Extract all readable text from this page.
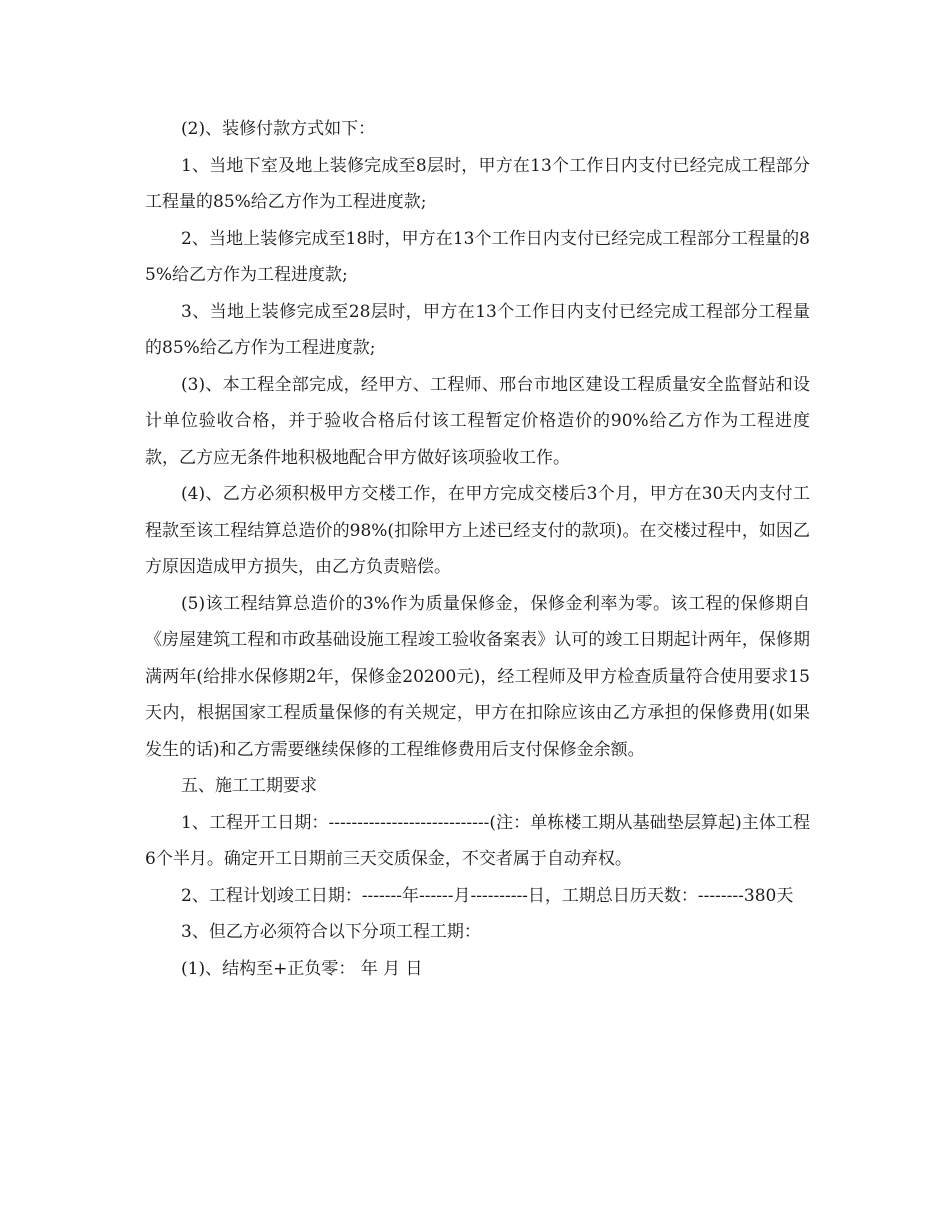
(2)、装修付款方式如下：

1、当地下室及地上装修完成至8层时，甲方在13个工作日内支付已经完成工程部分工程量的85%给乙方作为工程进度款;

2、当地上装修完成至18时，甲方在13个工作日内支付已经完成工程部分工程量的85%给乙方作为工程进度款;

3、当地上装修完成至28层时，甲方在13个工作日内支付已经完成工程部分工程量的85%给乙方作为工程进度款;

(3)、本工程全部完成，经甲方、工程师、邢台市地区建设工程质量安全监督站和设计单位验收合格，并于验收合格后付该工程暂定价格造价的90%给乙方作为工程进度款，乙方应无条件地积极地配合甲方做好该项验收工作。

(4)、乙方必须积极甲方交楼工作，在甲方完成交楼后3个月，甲方在30天内支付工程款至该工程结算总造价的98%(扣除甲方上述已经支付的款项)。在交楼过程中，如因乙方原因造成甲方损失，由乙方负责赔偿。

(5)该工程结算总造价的3%作为质量保修金，保修金利率为零。该工程的保修期自《房屋建筑工程和市政基础设施工程竣工验收备案表》认可的竣工日期起计两年，保修期满两年(给排水保修期2年，保修金20200元)，经工程师及甲方检查质量符合使用要求15天内，根据国家工程质量保修的有关规定，甲方在扣除应该由乙方承担的保修费用(如果发生的话)和乙方需要继续保修的工程维修费用后支付保修金余额。

五、施工工期要求

1、工程开工日期：----------------------------(注：单栋楼工期从基础垫层算起)主体工程6个半月。确定开工日期前三天交质保金，不交者属于自动弃权。

2、工程计划竣工日期：-------年------月----------日，工期总日历天数：--------380天

3、但乙方必须符合以下分项工程工期：

(1)、结构至+正负零： 年 月 日
